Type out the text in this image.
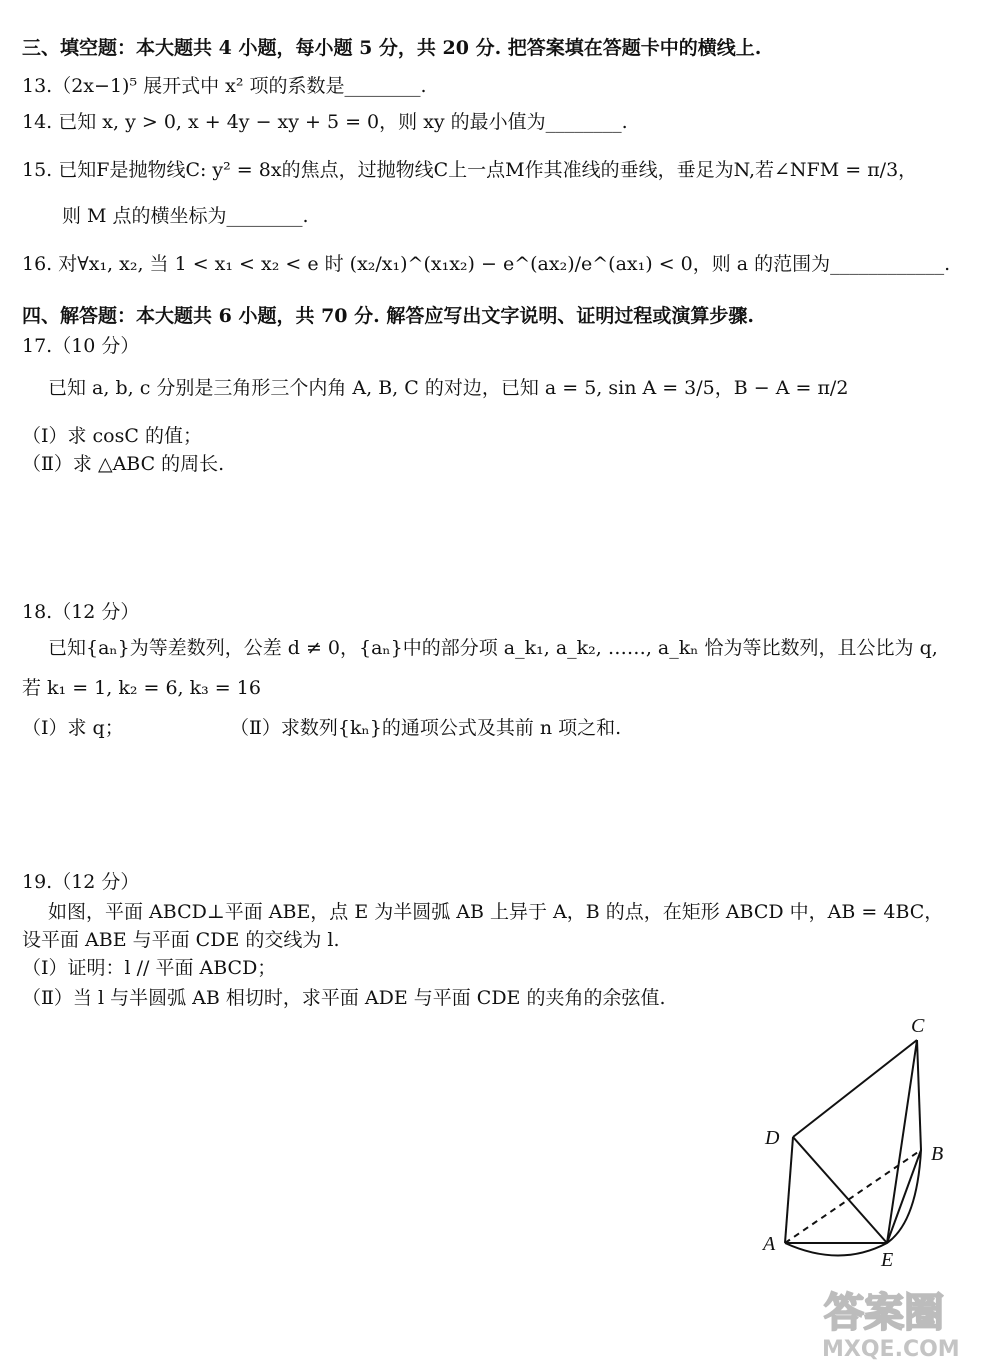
三、填空题：本大题共 4 小题，每小题 5 分，共 20 分. 把答案填在答题卡中的横线上.
13.（2x−1)⁵ 展开式中 x² 项的系数是________.
14. 已知 x, y > 0, x + 4y − xy + 5 = 0，则 xy 的最小值为________.
15. 已知F是抛物线C: y² = 8x的焦点，过抛物线C上一点M作其准线的垂线，垂足为N,若∠NFM = π/3，
则 M 点的横坐标为________.
16. 对∀x₁, x₂, 当 1 < x₁ < x₂ < e 时 (x₂/x₁)^(x₁x₂) − e^(ax₂)/e^(ax₁) < 0，则 a 的范围为____________.
四、解答题：本大题共 6 小题，共 70 分. 解答应写出文字说明、证明过程或演算步骤.
17.（10 分）
已知 a, b, c 分别是三角形三个内角 A, B, C 的对边，已知 a = 5, sin A = 3/5，B − A = π/2
（Ⅰ）求 cosC 的值；
（Ⅱ）求 △ABC 的周长.
18.（12 分）
已知{aₙ}为等差数列，公差 d ≠ 0，{aₙ}中的部分项 a_k₁, a_k₂, ……, a_kₙ 恰为等比数列，且公比为 q,
若 k₁ = 1, k₂ = 6, k₃ = 16
（Ⅰ）求 q；	（Ⅱ）求数列{kₙ}的通项公式及其前 n 项之和.
19.（12 分）
如图，平面 ABCD⊥平面 ABE，点 E 为半圆弧 AB 上异于 A，B 的点，在矩形 ABCD 中，AB = 4BC，
设平面 ABE 与平面 CDE 的交线为 l.
（Ⅰ）证明：l // 平面 ABCD；
（Ⅱ）当 l 与半圆弧 AB 相切时，求平面 ADE 与平面 CDE 的夹角的余弦值.
C
D
B
A
E
答案圈
MXQE.COM
